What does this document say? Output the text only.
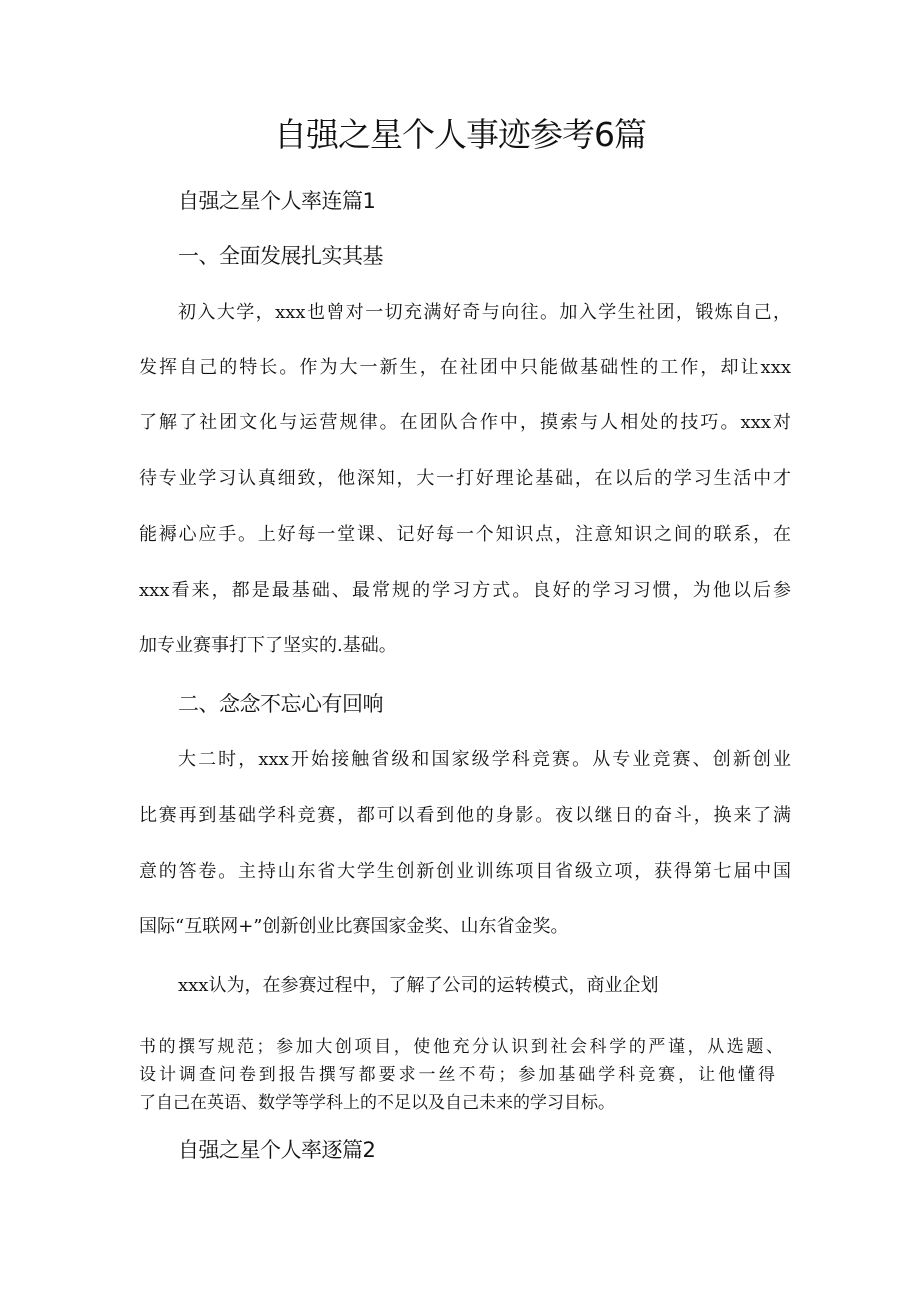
自强之星个人事迹参考6篇
自强之星个人率连篇1
一、全面发展扎实其基
初入大学，xxx也曾对一切充满好奇与向往。加入学生社团，锻炼自己，
发挥自己的特长。作为大一新生，在社团中只能做基础性的工作，却让xxx
了解了社团文化与运营规律。在团队合作中，摸索与人相处的技巧。xxx对
待专业学习认真细致，他深知，大一打好理论基础，在以后的学习生活中才
能褥心应手。上好每一堂课、记好每一个知识点，注意知识之间的联系，在
xxx看来，都是最基础、最常规的学习方式。良好的学习习惯，为他以后参
加专业赛事打下了坚实的.基础。
二、念念不忘心有回响
大二时，xxx开始接触省级和国家级学科竞赛。从专业竞赛、创新创业
比赛再到基础学科竞赛，都可以看到他的身影。夜以继日的奋斗，换来了满
意的答卷。主持山东省大学生创新创业训练项目省级立项，获得第七届中国
国际“互联网+”创新创业比赛国家金奖、山东省金奖。
xxx认为，在参赛过程中，了解了公司的运转模式，商业企划
书的撰写规范；参加大创项目，使他充分认识到社会科学的严谨，从选题、
设计调查问卷到报告撰写都要求一丝不苟；参加基础学科竞赛，让他懂得
了自己在英语、数学等学科上的不足以及自己未来的学习目标。
自强之星个人率逐篇2
